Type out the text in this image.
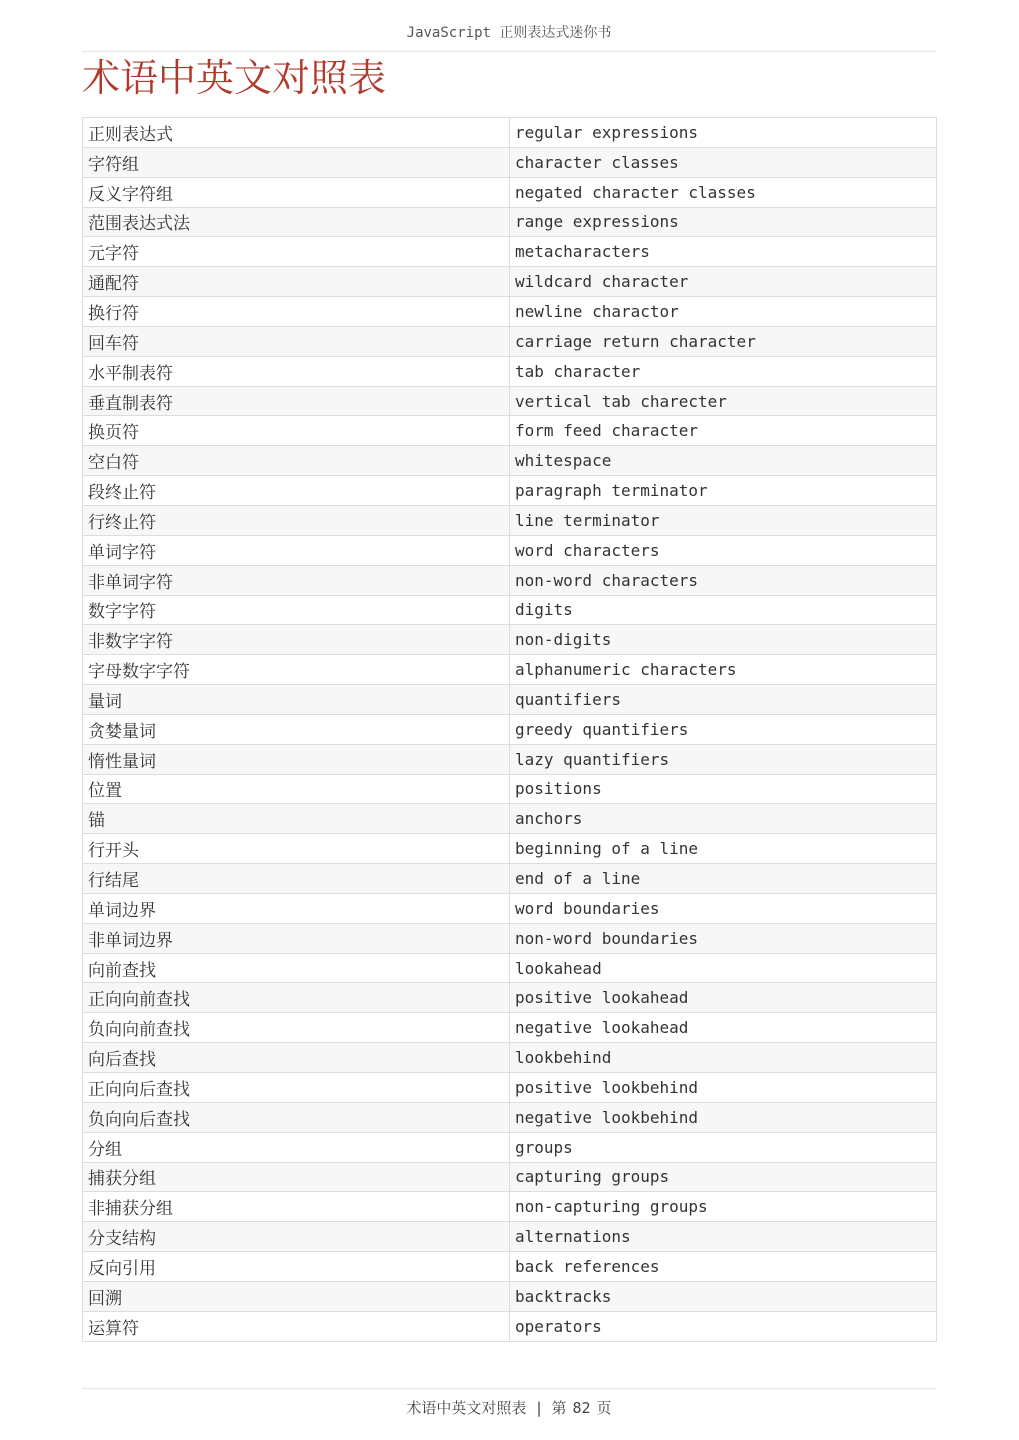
JavaScript 正则表达式迷你书
术语中英文对照表
正则表达式	regular expressions
字符组	character classes
反义字符组	negated character classes
范围表达式法	range expressions
元字符	metacharacters
通配符	wildcard character
换行符	newline charactor
回车符	carriage return character
水平制表符	tab character
垂直制表符	vertical tab charecter
换页符	form feed character
空白符	whitespace
段终止符	paragraph terminator
行终止符	line terminator
单词字符	word characters
非单词字符	non-word characters
数字字符	digits
非数字字符	non-digits
字母数字字符	alphanumeric characters
量词	quantifiers
贪婪量词	greedy quantifiers
惰性量词	lazy quantifiers
位置	positions
锚	anchors
行开头	beginning of a line
行结尾	end of a line
单词边界	word boundaries
非单词边界	non-word boundaries
向前查找	lookahead
正向向前查找	positive lookahead
负向向前查找	negative lookahead
向后查找	lookbehind
正向向后查找	positive lookbehind
负向向后查找	negative lookbehind
分组	groups
捕获分组	capturing groups
非捕获分组	non-capturing groups
分支结构	alternations
反向引用	back references
回溯	backtracks
运算符	operators
术语中英文对照表 | 第 82 页
